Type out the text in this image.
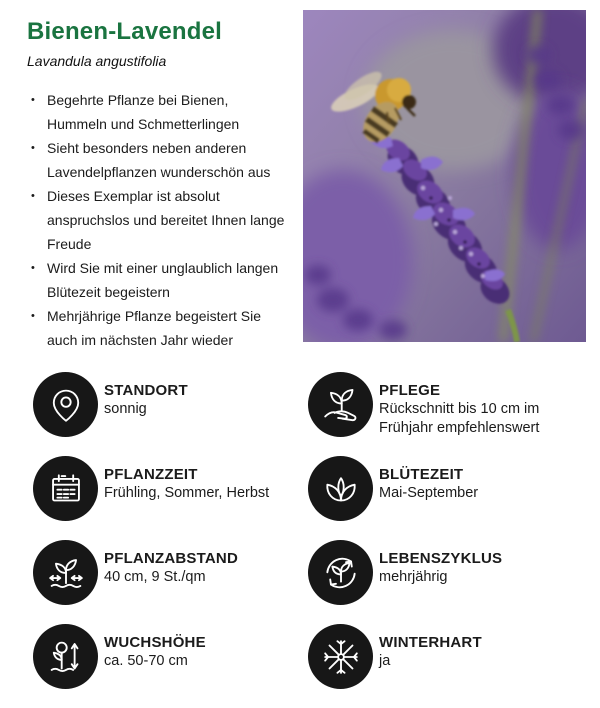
Bienen-Lavendel
Lavandula angustifolia
• Begehrte Pflanze bei Bienen, Hummeln und Schmetterlingen
• Sieht besonders neben anderen Lavendelpflanzen wunderschön aus
• Dieses Exemplar ist absolut anspruchslos und bereitet Ihnen lange Freude
• Wird Sie mit einer unglaublich langen Blütezeit begeistern
• Mehrjährige Pflanze begeistert Sie auch im nächsten Jahr wieder
STANDORT
sonnig
PFLEGE
Rückschnitt bis 10 cm im Frühjahr empfehlenswert
PFLANZZEIT
Frühling, Sommer, Herbst
BLÜTEZEIT
Mai-September
PFLANZABSTAND
40 cm, 9 St./qm
LEBENSZYKLUS
mehrjährig
WUCHSHÖHE
ca. 50-70 cm
WINTERHART
ja
